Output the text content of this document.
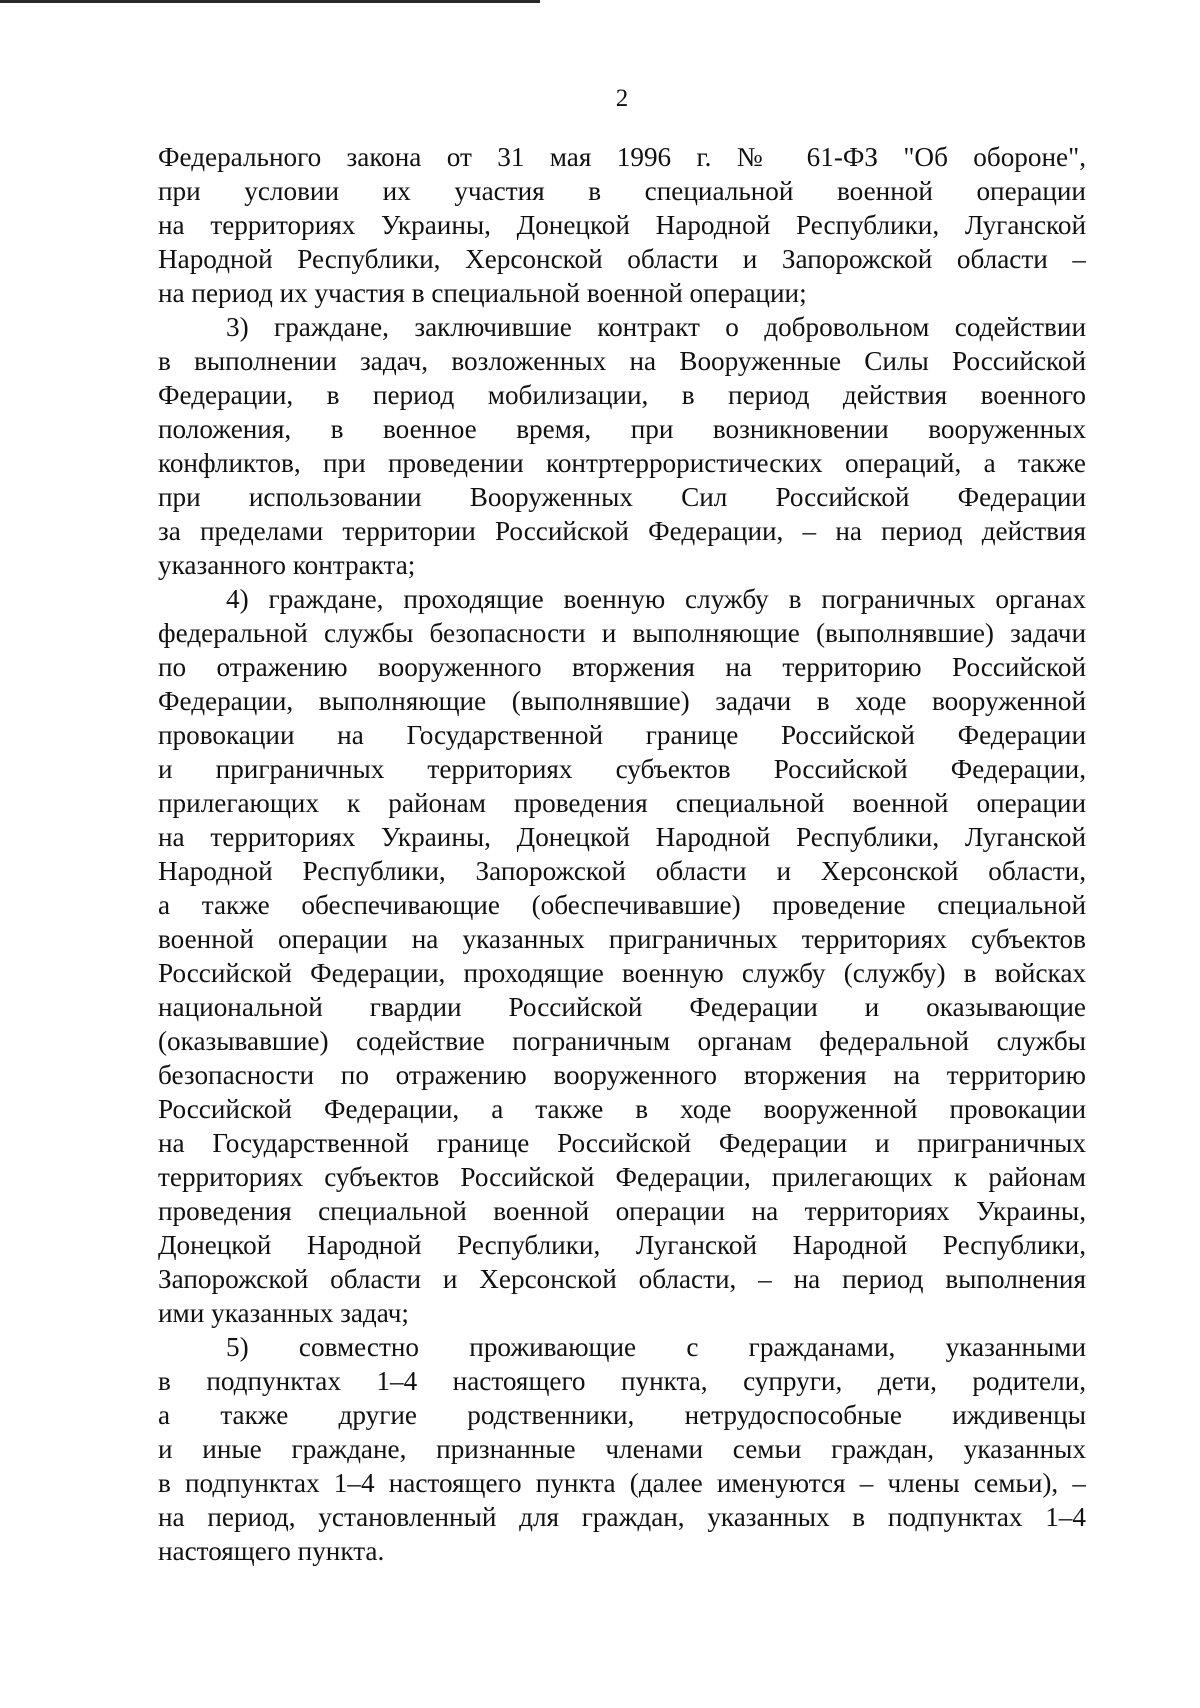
2
Федерального закона от 31 мая 1996 г. № 61-ФЗ "Об обороне",
при условии их участия в специальной военной операции
на территориях Украины, Донецкой Народной Республики, Луганской
Народной Республики, Херсонской области и Запорожской области –
на период их участия в специальной военной операции;
3) граждане, заключившие контракт о добровольном содействии
в выполнении задач, возложенных на Вооруженные Силы Российской
Федерации, в период мобилизации, в период действия военного
положения, в военное время, при возникновении вооруженных
конфликтов, при проведении контртеррористических операций, а также
при использовании Вооруженных Сил Российской Федерации
за пределами территории Российской Федерации, – на период действия
указанного контракта;
4) граждане, проходящие военную службу в пограничных органах
федеральной службы безопасности и выполняющие (выполнявшие) задачи
по отражению вооруженного вторжения на территорию Российской
Федерации, выполняющие (выполнявшие) задачи в ходе вооруженной
провокации на Государственной границе Российской Федерации
и приграничных территориях субъектов Российской Федерации,
прилегающих к районам проведения специальной военной операции
на территориях Украины, Донецкой Народной Республики, Луганской
Народной Республики, Запорожской области и Херсонской области,
а также обеспечивающие (обеспечивавшие) проведение специальной
военной операции на указанных приграничных территориях субъектов
Российской Федерации, проходящие военную службу (службу) в войсках
национальной гвардии Российской Федерации и оказывающие
(оказывавшие) содействие пограничным органам федеральной службы
безопасности по отражению вооруженного вторжения на территорию
Российской Федерации, а также в ходе вооруженной провокации
на Государственной границе Российской Федерации и приграничных
территориях субъектов Российской Федерации, прилегающих к районам
проведения специальной военной операции на территориях Украины,
Донецкой Народной Республики, Луганской Народной Республики,
Запорожской области и Херсонской области, – на период выполнения
ими указанных задач;
5) совместно проживающие с гражданами, указанными
в подпунктах 1–4 настоящего пункта, супруги, дети, родители,
а также другие родственники, нетрудоспособные иждивенцы
и иные граждане, признанные членами семьи граждан, указанных
в подпунктах 1–4 настоящего пункта (далее именуются – члены семьи), –
на период, установленный для граждан, указанных в подпунктах 1–4
настоящего пункта.
